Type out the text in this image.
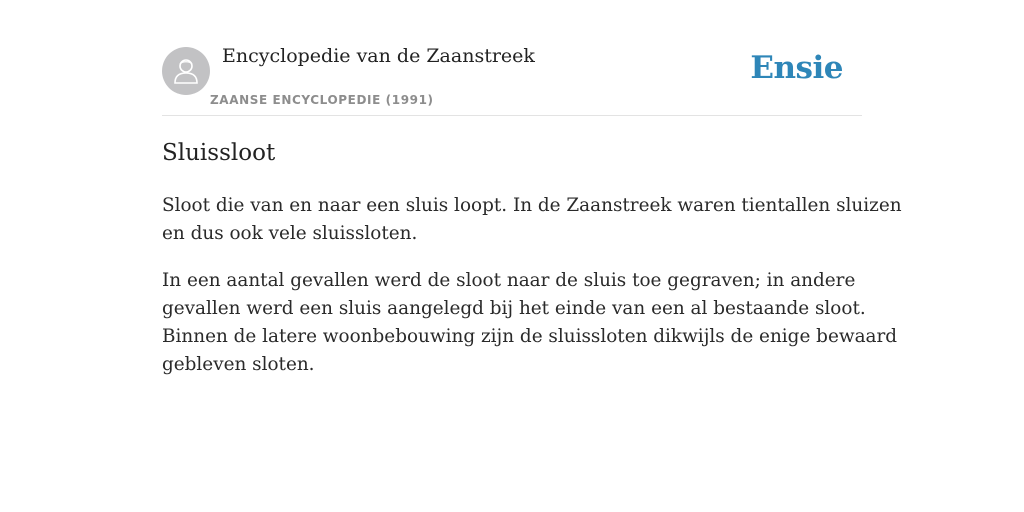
Encyclopedie van de Zaanstreek
ZAANSE ENCYCLOPEDIE (1991)
Ensie
Sluissloot

Sloot die van en naar een sluis loopt. In de Zaanstreek waren tientallen sluizen
en dus ook vele sluissloten.

In een aantal gevallen werd de sloot naar de sluis toe gegraven; in andere
gevallen werd een sluis aangelegd bij het einde van een al bestaande sloot.
Binnen de latere woonbebouwing zijn de sluissloten dikwijls de enige bewaard
gebleven sloten.
